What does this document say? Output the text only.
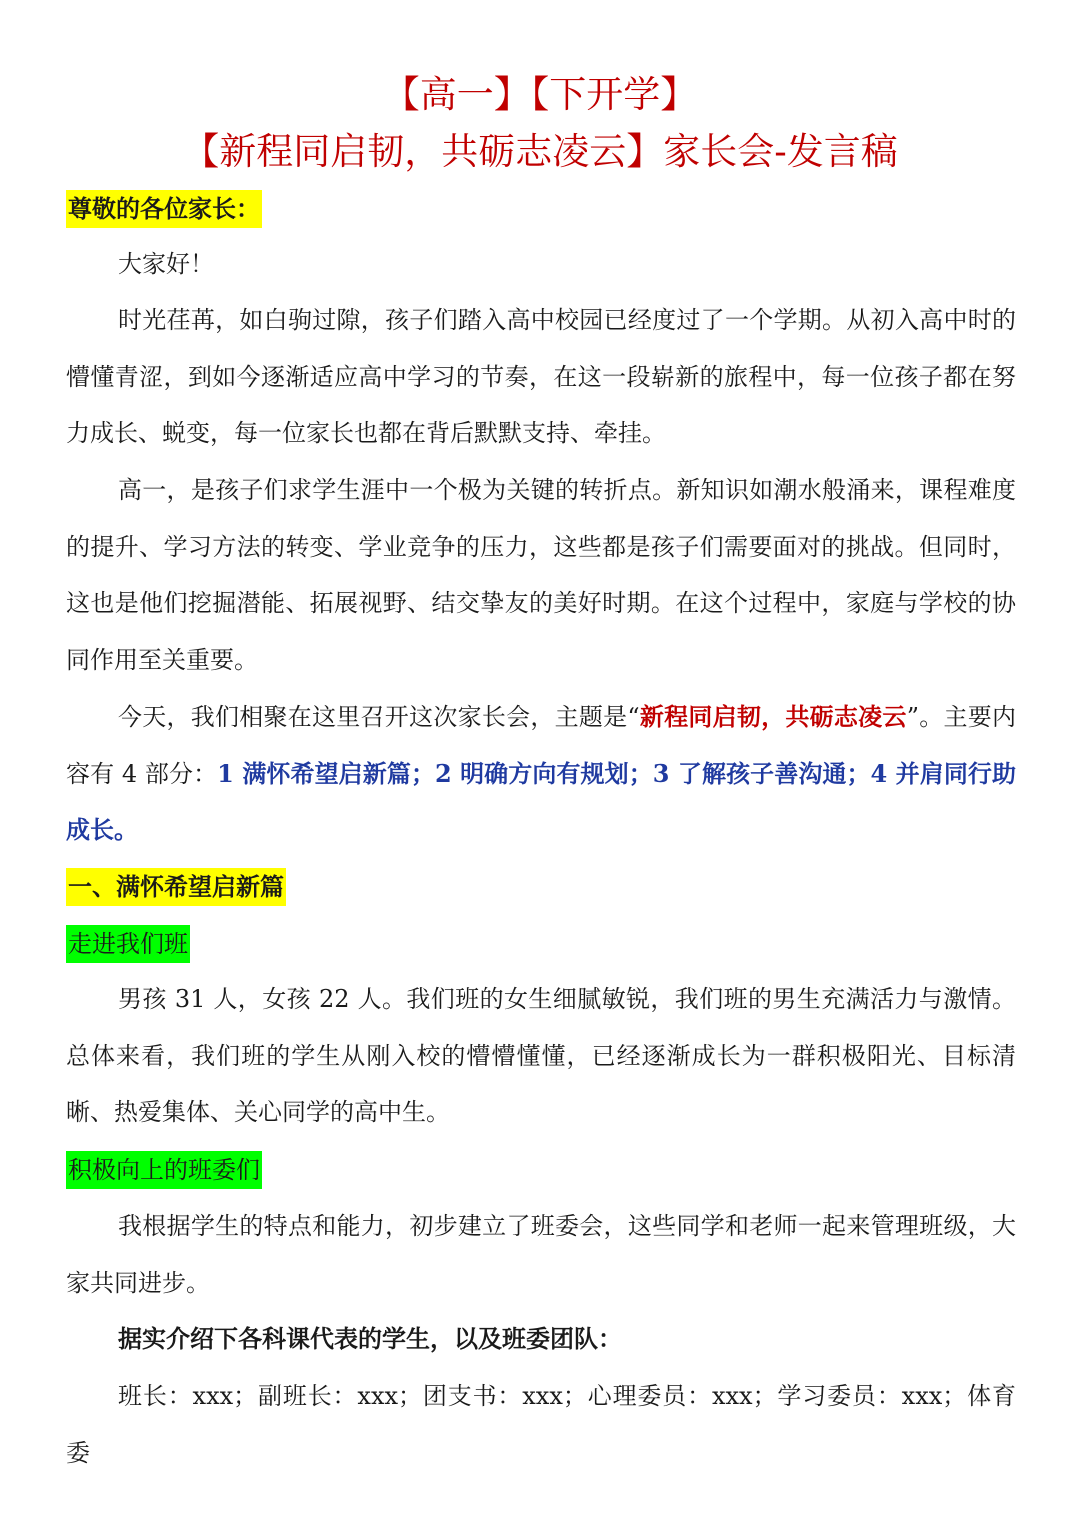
【高一】【下开学】
【新程同启韧，共砺志凌云】家长会-发言稿
尊敬的各位家长：

大家好！

时光荏苒，如白驹过隙，孩子们踏入高中校园已经度过了一个学期。从初入高中时的懵懂青涩，到如今逐渐适应高中学习的节奏，在这一段崭新的旅程中，每一位孩子都在努力成长、蜕变，每一位家长也都在背后默默支持、牵挂。

高一，是孩子们求学生涯中一个极为关键的转折点。新知识如潮水般涌来，课程难度的提升、学习方法的转变、学业竞争的压力，这些都是孩子们需要面对的挑战。但同时，这也是他们挖掘潜能、拓展视野、结交挚友的美好时期。在这个过程中，家庭与学校的协同作用至关重要。

今天，我们相聚在这里召开这次家长会，主题是“新程同启韧，共砺志凌云”。主要内容有 4 部分：1 满怀希望启新篇；2 明确方向有规划；3 了解孩子善沟通；4 并肩同行助成长。

一、满怀希望启新篇
走进我们班

男孩 31 人，女孩 22 人。我们班的女生细腻敏锐，我们班的男生充满活力与激情。总体来看，我们班的学生从刚入校的懵懵懂懂，已经逐渐成长为一群积极阳光、目标清晰、热爱集体、关心同学的高中生。

积极向上的班委们

我根据学生的特点和能力，初步建立了班委会，这些同学和老师一起来管理班级，大家共同进步。

据实介绍下各科课代表的学生，以及班委团队：

班长：xxx；副班长：xxx；团支书：xxx；心理委员：xxx；学习委员：xxx；体育委
